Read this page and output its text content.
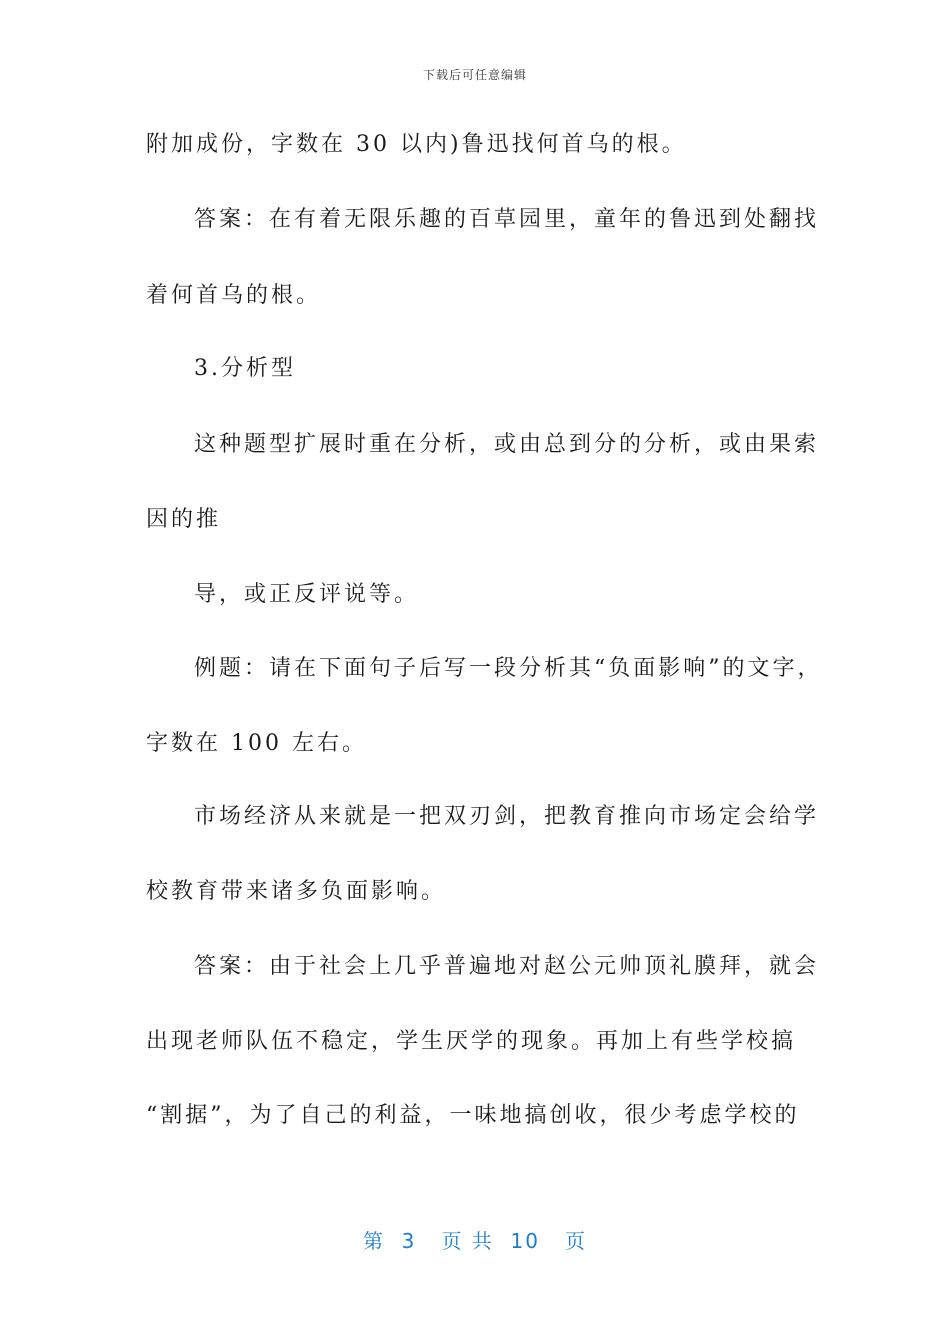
下载后可任意编辑
附加成份，字数在 30 以内)鲁迅找何首乌的根。
答案：在有着无限乐趣的百草园里，童年的鲁迅到处翻找
着何首乌的根。
3.分析型
这种题型扩展时重在分析，或由总到分的分析，或由果索
因的推
导，或正反评说等。
例题：请在下面句子后写一段分析其“负面影响”的文字，
字数在 100 左右。
市场经济从来就是一把双刃剑，把教育推向市场定会给学
校教育带来诸多负面影响。
答案：由于社会上几乎普遍地对赵公元帅顶礼膜拜，就会
出现老师队伍不稳定，学生厌学的现象。再加上有些学校搞
“割据”，为了自己的利益，一味地搞创收，很少考虑学校的
第  3   页 共  10   页
